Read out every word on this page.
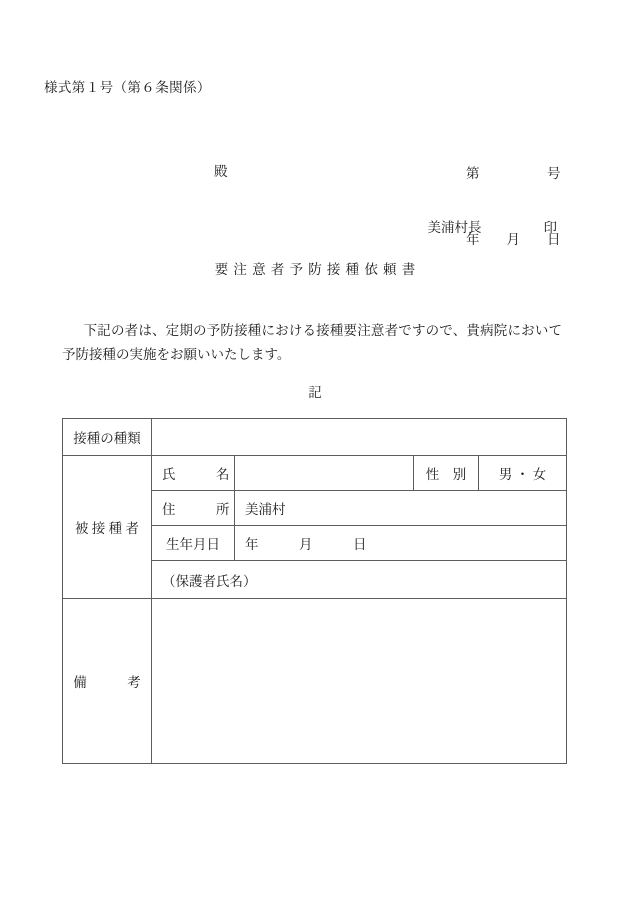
様式第１号（第６条関係）

第　　　　　号

年　　月　　日

殿

美浦村長	印

要注意者予防接種依頼書
下記の者は、定期の予防接種における接種要注意者ですので、貴病院において予防接種の実施をお願いいたします。
記
接種の種類				
被 接 種 者	氏　　　名		性　別	男 ・ 女
	住　　　所	美浦村		
	生年月日	年　　　月　　　日		
	（保護者氏名）			
備　　　考				
